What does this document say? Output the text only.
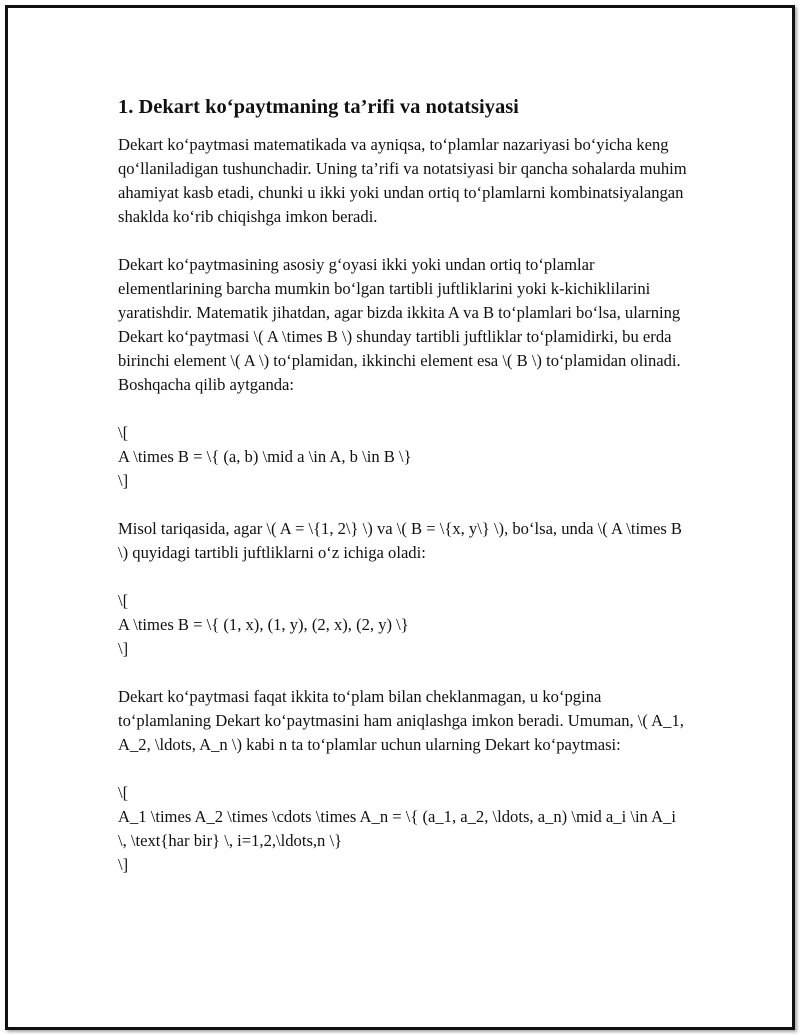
1. Dekart ko‘paytmaning ta’rifi va notatsiyasi

Dekart ko‘paytmasi matematikada va ayniqsa, to‘plamlar nazariyasi bo‘yicha keng qo‘llaniladigan tushunchadir. Uning ta’rifi va notatsiyasi bir qancha sohalarda muhim ahamiyat kasb etadi, chunki u ikki yoki undan ortiq to‘plamlarni kombinatsiyalangan shaklda ko‘rib chiqishga imkon beradi.

Dekart ko‘paytmasining asosiy g‘oyasi ikki yoki undan ortiq to‘plamlar elementlarining barcha mumkin bo‘lgan tartibli juftliklarini yoki k-kichiklilarini yaratishdir. Matematik jihatdan, agar bizda ikkita A va B to‘plamlari bo‘lsa, ularning Dekart ko‘paytmasi \( A \times B \) shunday tartibli juftliklar to‘plamidirki, bu erda birinchi element \( A \) to‘plamidan, ikkinchi element esa \( B \) to‘plamidan olinadi. Boshqacha qilib aytganda:

\[
A \times B = \{ (a, b) \mid a \in A, b \in B \}
\]

Misol tariqasida, agar \( A = \{1, 2\} \) va \( B = \{x, y\} \), bo‘lsa, unda \( A \times B \) quyidagi tartibli juftliklarni o‘z ichiga oladi:

\[
A \times B = \{ (1, x), (1, y), (2, x), (2, y) \}
\]

Dekart ko‘paytmasi faqat ikkita to‘plam bilan cheklanmagan, u ko‘pgina to‘plamlaning Dekart ko‘paytmasini ham aniqlashga imkon beradi. Umuman, \( A_1, A_2, \ldots, A_n \) kabi n ta to‘plamlar uchun ularning Dekart ko‘paytmasi:

\[
A_1 \times A_2 \times \cdots \times A_n = \{ (a_1, a_2, \ldots, a_n) \mid a_i \in A_i \, \text{har bir} \, i=1,2,\ldots,n \}
\]
